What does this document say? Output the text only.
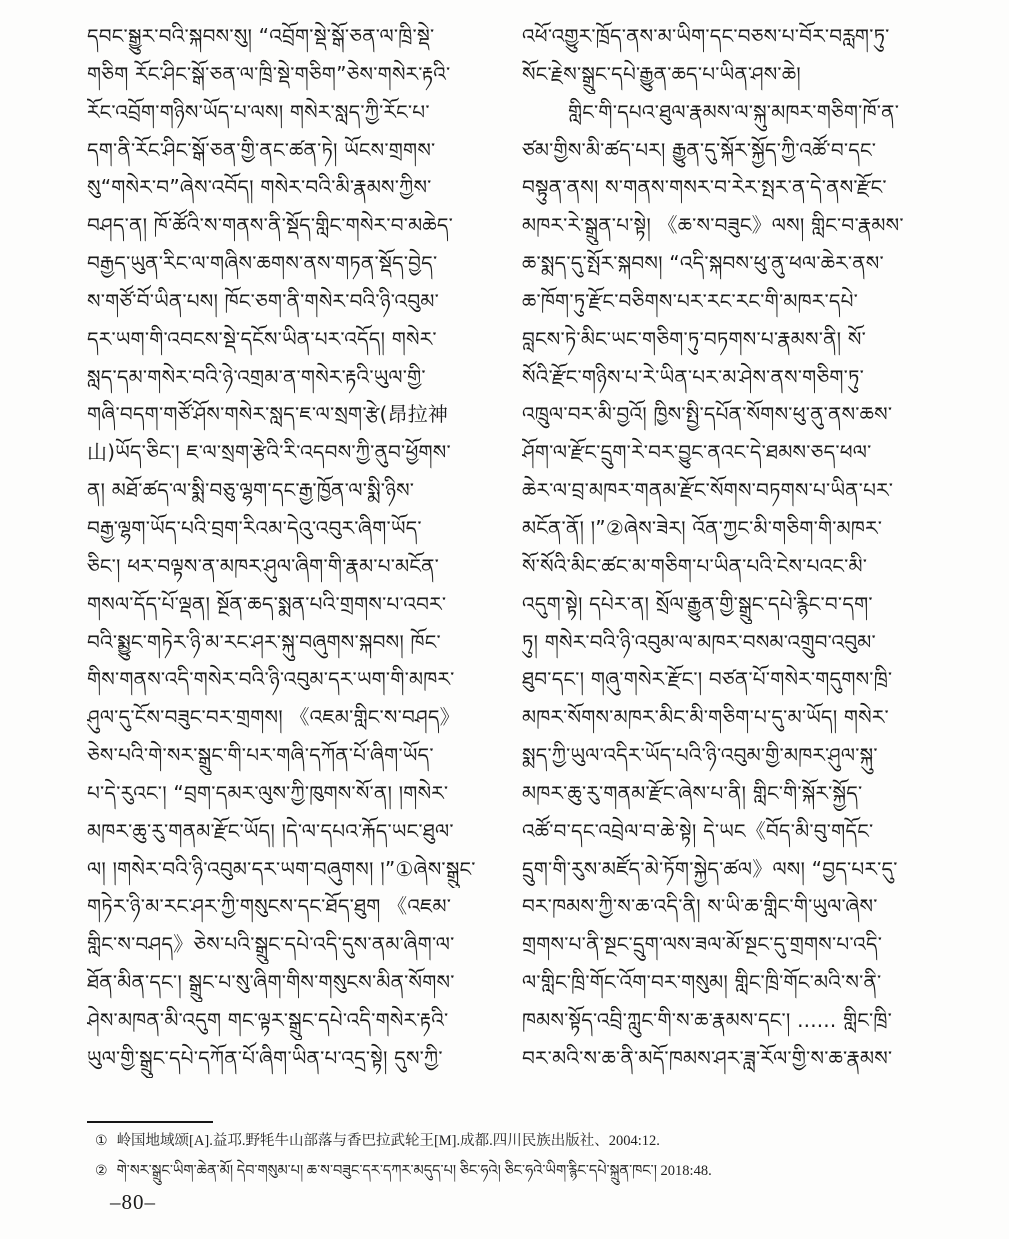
དབང་སྒྱུར་བའི་སྐབས་སུ། “འབྲོག་སྡེ་སྒོ་ཅན་ལ་ཁྲི་སྡེ་
གཅིག རོང་ཤིང་སྒོ་ཅན་ལ་ཁྲི་སྡེ་གཅིག”ཅེས་གསེར་རྟའི་
རོང་འབྲོག་གཉིས་ཡོད་པ་ལས། གསེར་སླད་ཀྱི་རོང་པ་
དག་ནི་རོང་ཤིང་སྒོ་ཅན་གྱི་ནང་ཚན་ཏེ། ཡོངས་གྲགས་
སུ“གསེར་བ”ཞེས་འབོད། གསེར་བའི་མི་རྣམས་ཀྱིས་
བཤད་ན། ཁོ་ཚོའི་ས་གནས་ནི་སྡོད་གླིང་གསེར་བ་མཆེད་
བརྒྱད་ཡུན་རིང་ལ་གཞིས་ཆགས་ནས་གཏན་སྡོད་བྱེད་
ས་གཙོ་བོ་ཡིན་པས། ཁོང་ཅག་ནི་གསེར་བའི་ཉི་འབུམ་
དར་ཡག་གི་འབངས་སྡེ་དངོས་ཡིན་པར་འདོད། གསེར་
སླད་དམ་གསེར་བའི་ཉེ་འགྲམ་ན་གསེར་རྟའི་ཡུལ་གྱི་
གཞི་བདག་གཙོ་ཤོས་གསེར་སླད་ཇ་ལ་སྲག་རྩེ(昂拉神
山)ཡོད་ཅིང་། ཇ་ལ་སྲག་རྩེའི་རི་འདབས་ཀྱི་ནུབ་ཕྱོགས་
ན། མཐོ་ཚད་ལ་སྨི་བཅུ་ལྷག་དང་རྒྱ་ཁྱོན་ལ་སྨི་ཉིས་
བརྒྱ་ལྷག་ཡོད་པའི་བྲག་རིའམ་དེའུ་འབུར་ཞིག་ཡོད་
ཅིང་། ཕར་བལྟས་ན་མཁར་ཤུལ་ཞིག་གི་རྣམ་པ་མངོན་
གསལ་དོད་པོ་ལྡན། སྔོན་ཆད་སྨན་པའི་གྲགས་པ་འབར་
བའི་སྨྱུང་གཏེར་ཉི་མ་རང་ཤར་སྐུ་བཞུགས་སྐབས། ཁོང་
གིས་གནས་འདི་གསེར་བའི་ཉི་འབུམ་དར་ཡག་གི་མཁར་
ཤུལ་དུ་ངོས་བཟུང་བར་གྲགས། 《འཇམ་གླིང་ས་བཤད》
ཅེས་པའི་གེ་སར་སྒྲུང་གི་པར་གཞི་དཀོན་པོ་ཞིག་ཡོད་
པ་དེ་རུའང་། “བྲག་དམར་ལུས་ཀྱི་ཁུགས་སོ་ན། །གསེར་
མཁར་ཆུ་རུ་གནམ་རྫོང་ཡོད། །དེ་ལ་དཔའ་རྐོད་ཡང་ཐུལ་
ལ། །གསེར་བའི་ཉི་འབུམ་དར་ཡག་བཞུགས། །”①ཞེས་སྒྲུང་
གཏེར་ཉི་མ་རང་ཤར་ཀྱི་གསུངས་དང་ཐོད་ཐུག 《འཇམ་
གླིང་ས་བཤད》ཅེས་པའི་སྒྲུང་དཔེ་འདི་དུས་ནམ་ཞིག་ལ་
ཐོན་མིན་དང་། སྒྲུང་པ་སུ་ཞིག་གིས་གསུངས་མིན་སོགས་
ཤེས་མཁན་མི་འདུག གང་ལྟར་སྒྲུང་དཔེ་འདི་གསེར་རྟའི་
ཡུལ་གྱི་སྒྲུང་དཔེ་དཀོན་པོ་ཞིག་ཡིན་པ་འདྲ་སྟེ། དུས་ཀྱི་
འཕོ་འགྱུར་ཁྲོད་ནས་མ་ཡིག་དང་བཅས་པ་བོར་བརླག་ཏུ་
སོང་རྗེས་སྒྲུང་དཔེ་རྒྱུན་ཆད་པ་ཡིན་ཤས་ཆེ།
གླིང་གི་དཔའ་ཐུལ་རྣམས་ལ་སྐུ་མཁར་གཅིག་ཁོ་ན་
ཙམ་གྱིས་མི་ཚད་པར། རྒྱུན་དུ་སྐོར་སྐྱོད་ཀྱི་འཚོ་བ་དང་
བསྟུན་ནས། ས་གནས་གསར་བ་རེར་སྤར་ན་དེ་ནས་རྫོང་
མཁར་རེ་སྒྲུན་པ་སྟེ། 《ཆ་ས་བཟུང》ལས། གླིང་བ་རྣམས་
ཆ་སྨད་དུ་སྤོར་སྐབས། “འདི་སྐབས་ཕུ་ནུ་ཕལ་ཆེར་ནས་
ཆ་ཁོག་ཏུ་རྫོང་བཅིགས་པར་རང་རང་གི་མཁར་དཔེ་
བླངས་ཏེ་མིང་ཡང་གཅིག་ཏུ་བཏགས་པ་རྣམས་ནི། སོ་
སོའི་རྫོང་གཉིས་པ་རེ་ཡིན་པར་མ་ཤེས་ནས་གཅིག་ཏུ་
འཁྲུལ་བར་མི་བྱའོ། ཁྱིས་སྤྱི་དཔོན་སོགས་ཕུ་ནུ་ནས་ཆས་
ཤོག་ལ་རྫོང་དྲུག་རེ་བར་བྱུང་ནའང་དེ་ཐམས་ཅད་ཕལ་
ཆེར་ལ་བྲ་མཁར་གནམ་རྫོང་སོགས་བཏགས་པ་ཡིན་པར་
མངོན་ནོ། །”②ཞེས་ཟེར། འོན་ཀྱང་མི་གཅིག་གི་མཁར་
སོ་སོའི་མིང་ཚང་མ་གཅིག་པ་ཡིན་པའི་ངེས་པའང་མི་
འདུག་སྟེ། དཔེར་ན། སྲོལ་རྒྱུན་གྱི་སྒྲུང་དཔེ་རྙིང་བ་དག་
ཏུ། གསེར་བའི་ཉི་འབུམ་ལ་མཁར་བསམ་འགྲུབ་འབུམ་
ཐུབ་དང་། གཞུ་གསེར་རྫོང་། བཙན་པོ་གསེར་གདུགས་ཁྲི་
མཁར་སོགས་མཁར་མིང་མི་གཅིག་པ་དུ་མ་ཡོད། གསེར་
སྨད་ཀྱི་ཡུལ་འདིར་ཡོད་པའི་ཉི་འབུམ་གྱི་མཁར་ཤུལ་སྐུ་
མཁར་ཆུ་རུ་གནམ་རྫོང་ཞེས་པ་ནི། གླིང་གི་སྐོར་སྐྱོད་
འཚོ་བ་དང་འབྲེལ་བ་ཆེ་སྟེ། དེ་ཡང《བོད་མི་བུ་གདོང་
དྲུག་གི་རུས་མཛོད་མེ་ཏོག་སྐྱེད་ཚལ》ལས། “བྱད་པར་དུ་
བར་ཁམས་ཀྱི་ས་ཆ་འདི་ནི། ས་ཡི་ཆ་གླིང་གི་ཡུལ་ཞེས་
གྲགས་པ་ནི་སྔང་དྲུག་ལས་ཟལ་མོ་སྔང་དུ་གྲགས་པ་འདི་
ལ་གླིང་ཁྲི་གོང་འོག་བར་གསུམ། གླིང་ཁྲི་གོང་མའི་ས་ནི་
ཁམས་སྟོད་འབྲི་ཀླུང་གི་ས་ཆ་རྣམས་དང་། ...... གླིང་ཁྲི་
བར་མའི་ས་ཆ་ནི་མདོ་ཁམས་ཤར་ཟླ་རོལ་གྱི་ས་ཆ་རྣམས་
① 岭国地域颂[A].益邛.野牦牛山部落与香巴拉武轮王[M].成都.四川民族出版社、2004:12.
② གེ་སར་སྒྲུང་ཡིག་ཆེན་མོ། དེབ་གསུམ་པ། ཆ་ས་བཟུང་དར་དཀར་མདུད་པ། ཅིང་ཧའེ། ཅིང་ཧའེ་ཡིག་རྙིང་དཔེ་སྐྲུན་ཁང་། 2018:48.
–80–
